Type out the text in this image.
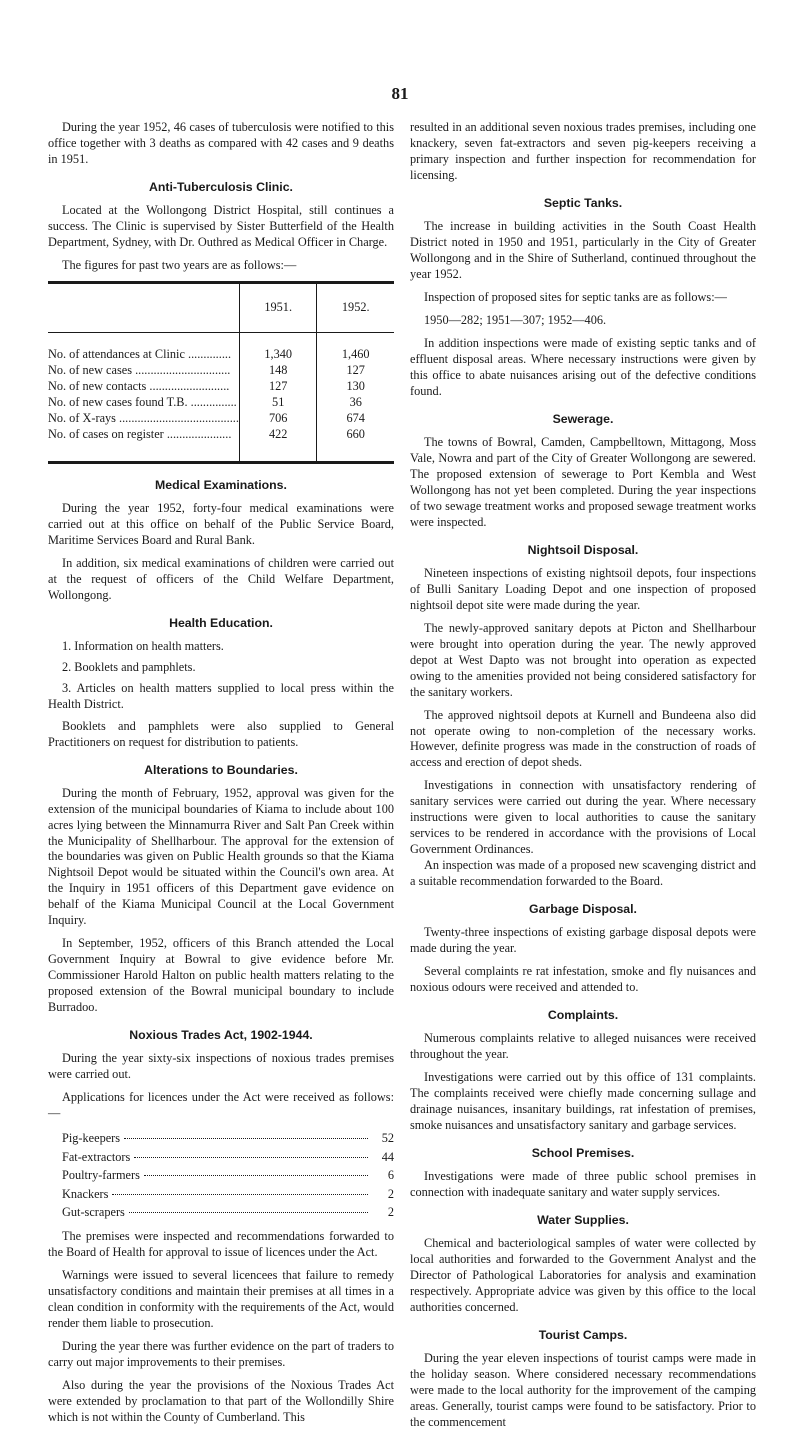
81

During the year 1952, 46 cases of tuberculosis were notified to this office together with 3 deaths as compared with 42 cases and 9 deaths in 1951.

Anti-Tuberculosis Clinic.

Located at the Wollongong District Hospital, still continues a success. The Clinic is supervised by Sister Butterfield of the Health Department, Sydney, with Dr. Outhred as Medical Officer in Charge.

The figures for past two years are as follows:—

	1951.	1952.
No. of attendances at Clinic ..............	1,340	1,460
No. of new cases ...............................	148	127
No. of new contacts ..........................	127	130
No. of new cases found T.B. ...............	51	36
No. of X-rays .......................................	706	674
No. of cases on register .....................	422	660
Medical Examinations.

During the year 1952, forty-four medical examinations were carried out at this office on behalf of the Public Service Board, Maritime Services Board and Rural Bank.

In addition, six medical examinations of children were carried out at the request of officers of the Child Welfare Department, Wollongong.

Health Education.
1. Information on health matters.
2. Booklets and pamphlets.
3. Articles on health matters supplied to local press within the Health District.

Booklets and pamphlets were also supplied to General Practitioners on request for distribution to patients.

Alterations to Boundaries.

During the month of February, 1952, approval was given for the extension of the municipal boundaries of Kiama to include about 100 acres lying between the Minnamurra River and Salt Pan Creek within the Municipality of Shellharbour. The approval for the extension of the boundaries was given on Public Health grounds so that the Kiama Nightsoil Depot would be situated within the Council's own area. At the Inquiry in 1951 officers of this Department gave evidence on behalf of the Kiama Municipal Council at the Local Government Inquiry.

In September, 1952, officers of this Branch attended the Local Government Inquiry at Bowral to give evidence before Mr. Commissioner Harold Halton on public health matters relating to the proposed extension of the Bowral municipal boundary to include Burradoo.

Noxious Trades Act, 1902-1944.

During the year sixty-six inspections of noxious trades premises were carried out.

Applications for licences under the Act were received as follows:—

Pig-keepers	52
Fat-extractors	44
Poultry-farmers	6
Knackers	2
Gut-scrapers	2

The premises were inspected and recommendations forwarded to the Board of Health for approval to issue of licences under the Act.

Warnings were issued to several licencees that failure to remedy unsatisfactory conditions and maintain their premises at all times in a clean condition in conformity with the requirements of the Act, would render them liable to prosecution.

During the year there was further evidence on the part of traders to carry out major improvements to their premises.

Also during the year the provisions of the Noxious Trades Act were extended by proclamation to that part of the Wollondilly Shire which is not within the County of Cumberland. This

resulted in an additional seven noxious trades premises, including one knackery, seven fat-extractors and seven pig-keepers receiving a primary inspection and further inspection for recommendation for licensing.

Septic Tanks.

The increase in building activities in the South Coast Health District noted in 1950 and 1951, particularly in the City of Greater Wollongong and in the Shire of Sutherland, continued throughout the year 1952.

Inspection of proposed sites for septic tanks are as follows:—

1950—282; 1951—307; 1952—406.

In addition inspections were made of existing septic tanks and of effluent disposal areas. Where necessary instructions were given by this office to abate nuisances arising out of the defective conditions found.

Sewerage.

The towns of Bowral, Camden, Campbelltown, Mittagong, Moss Vale, Nowra and part of the City of Greater Wollongong are sewered. The proposed extension of sewerage to Port Kembla and West Wollongong has not yet been completed. During the year inspections of two sewage treatment works and proposed sewage treatment works were inspected.

Nightsoil Disposal.

Nineteen inspections of existing nightsoil depots, four inspections of Bulli Sanitary Loading Depot and one inspection of proposed nightsoil depot site were made during the year.

The newly-approved sanitary depots at Picton and Shellharbour were brought into operation during the year. The newly approved depot at West Dapto was not brought into operation as expected owing to the amenities provided not being considered satisfactory for the sanitary workers.

The approved nightsoil depots at Kurnell and Bundeena also did not operate owing to non-completion of the necessary works. However, definite progress was made in the construction of roads of access and erection of depot sheds.

Investigations in connection with unsatisfactory rendering of sanitary services were carried out during the year. Where necessary instructions were given to local authorities to cause the sanitary services to be rendered in accordance with the provisions of Local Government Ordinances.

An inspection was made of a proposed new scavenging district and a suitable recommendation forwarded to the Board.

Garbage Disposal.

Twenty-three inspections of existing garbage disposal depots were made during the year.

Several complaints re rat infestation, smoke and fly nuisances and noxious odours were received and attended to.

Complaints.

Numerous complaints relative to alleged nuisances were received throughout the year.

Investigations were carried out by this office of 131 complaints. The complaints received were chiefly made concerning sullage and drainage nuisances, insanitary buildings, rat infestation of premises, smoke nuisances and unsatisfactory sanitary and garbage services.

School Premises.

Investigations were made of three public school premises in connection with inadequate sanitary and water supply services.

Water Supplies.

Chemical and bacteriological samples of water were collected by local authorities and forwarded to the Government Analyst and the Director of Pathological Laboratories for analysis and examination respectively. Appropriate advice was given by this office to the local authorities concerned.

Tourist Camps.

During the year eleven inspections of tourist camps were made in the holiday season. Where considered necessary recommendations were made to the local authority for the improvement of the camping areas. Generally, tourist camps were found to be satisfactory. Prior to the commencement
